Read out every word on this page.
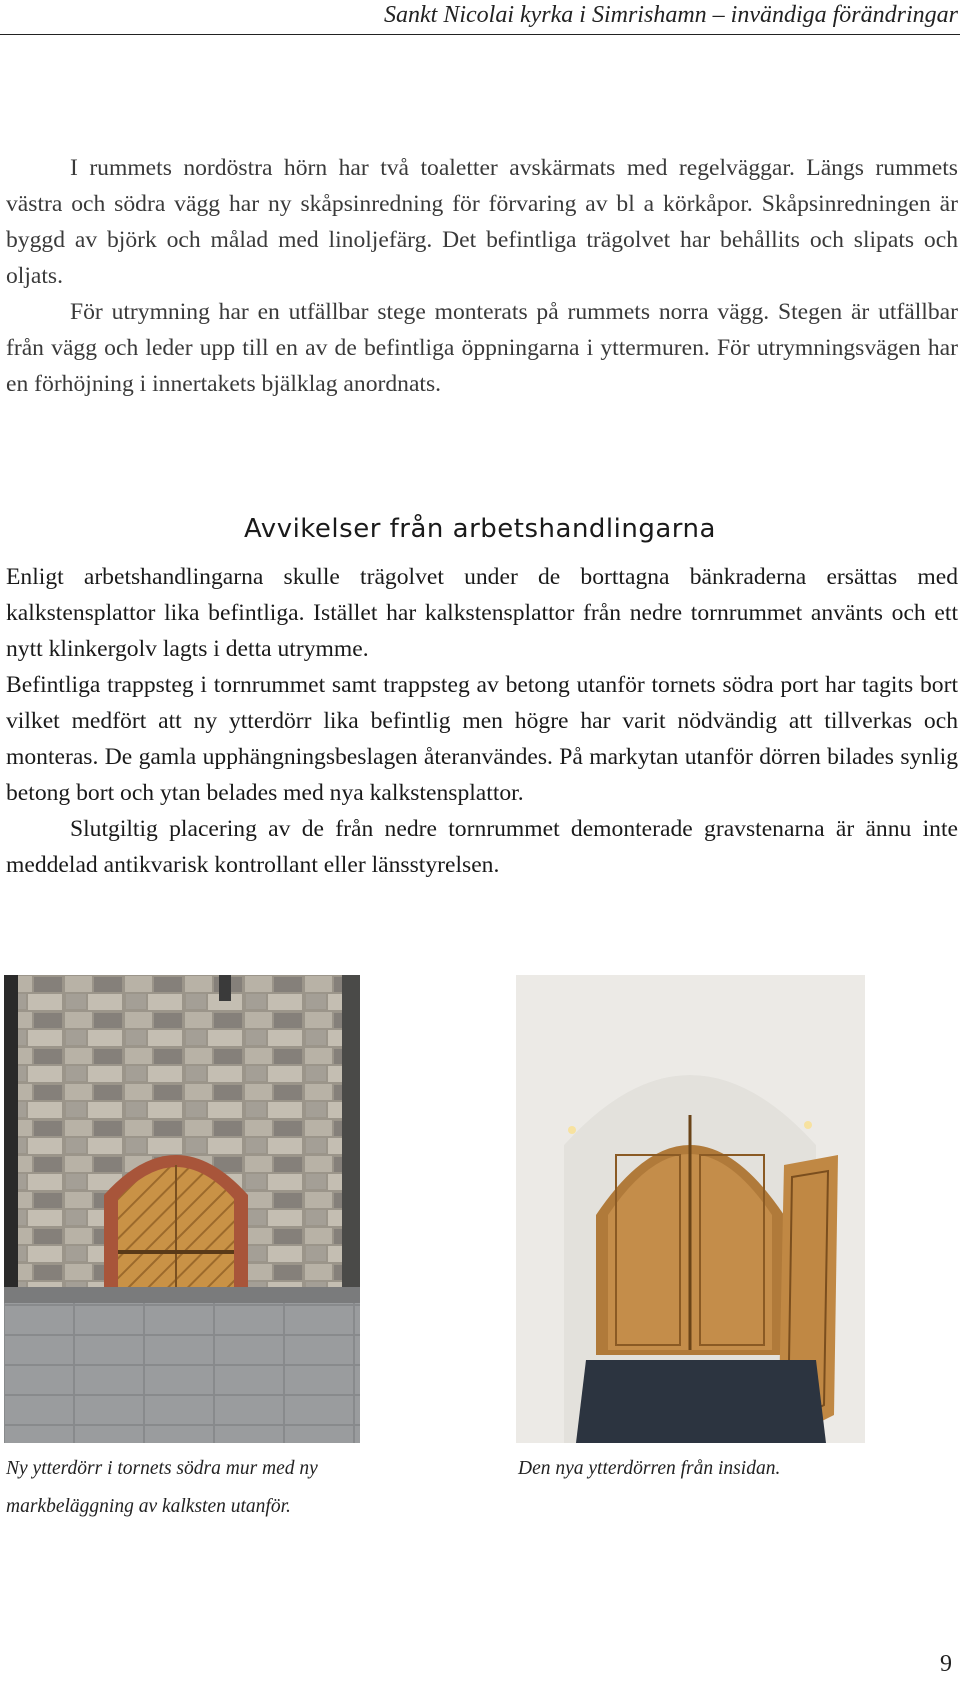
Sankt Nicolai kyrka i Simrishamn – invändiga förändringar

I rummets nordöstra hörn har två toaletter avskärmats med regelväggar. Längs rummets västra och södra vägg har ny skåpsinredning för förvaring av bl a körkåpor. Skåpsinredningen är byggd av björk och målad med linoljefärg. Det befintliga trägolvet har behållits och slipats och oljats.

För utrymning har en utfällbar stege monterats på rummets norra vägg. Stegen är utfällbar från vägg och leder upp till en av de befintliga öppningarna i yttermuren. För utrymningsvägen har en förhöjning i innertakets bjälklag anordnats.

Avvikelser från arbetshandlingarna

Enligt arbetshandlingarna skulle trägolvet under de borttagna bänkraderna ersättas med kalkstensplattor lika befintliga. Istället har kalkstensplattor från nedre tornrummet använts och ett nytt klinkergolv lagts i detta utrymme.

Befintliga trappsteg i tornrummet samt trappsteg av betong utanför tornets södra port har tagits bort vilket medfört att ny ytterdörr lika befintlig men högre har varit nödvändig att tillverkas och monteras. De gamla upphängningsbeslagen återanvändes. På markytan utanför dörren bilades synlig betong bort och ytan belades med nya kalkstensplattor.

Slutgiltig placering av de från nedre tornrummet demonterade gravstenarna är ännu inte meddelad antikvarisk kontrollant eller länsstyrelsen.

Ny ytterdörr i tornets södra mur med ny markbeläggning av kalksten utanför.
Den nya ytterdörren från insidan.
9
